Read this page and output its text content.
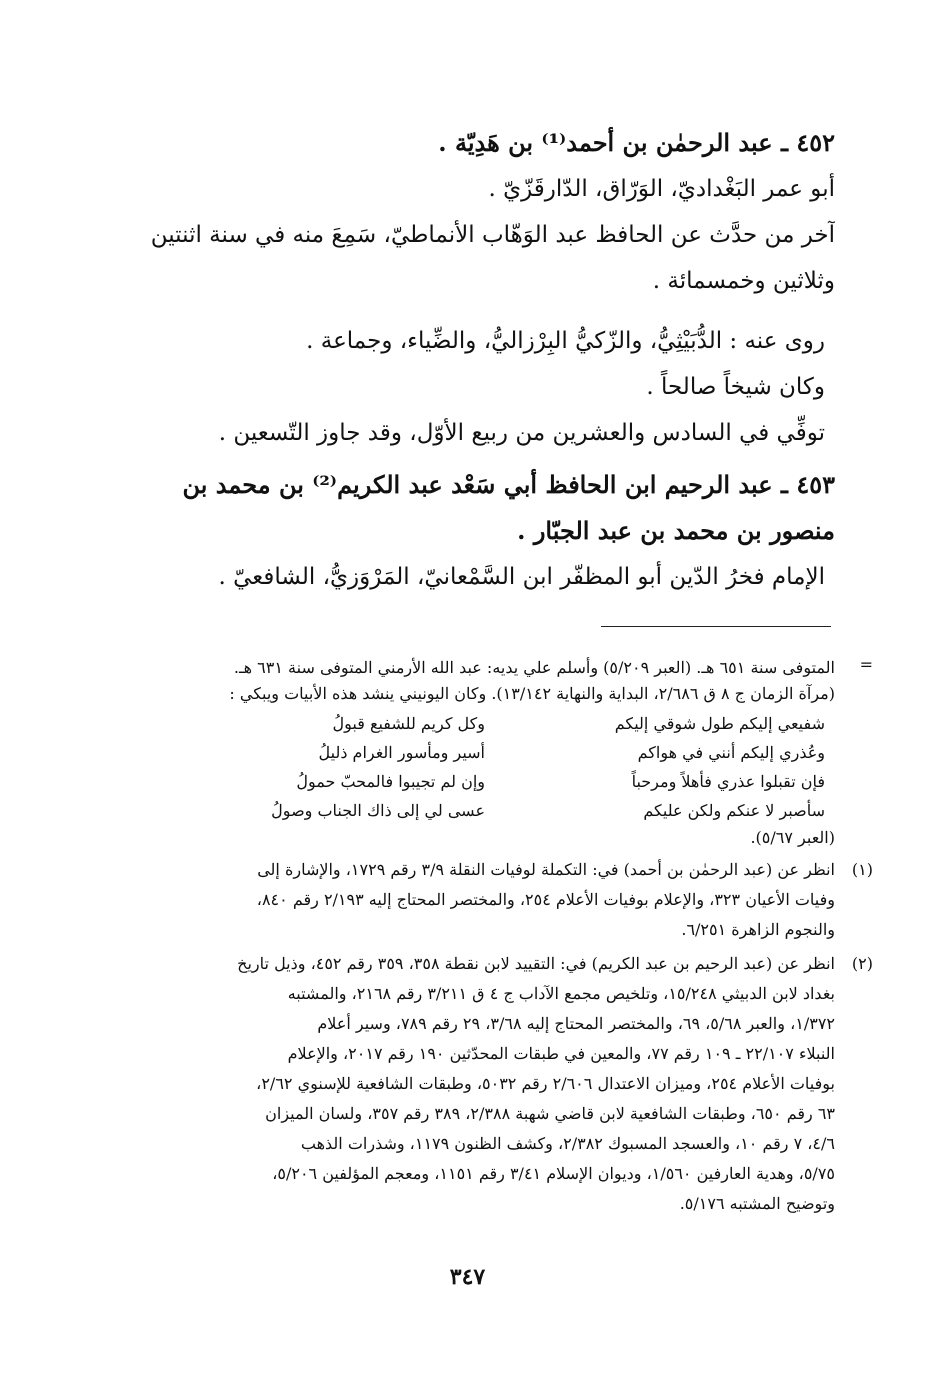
٤٥٢ ـ عبد الرحمٰن بن أحمد⁽¹⁾ بن هَدِيّة .
أبو عمر البَغْداديّ، الوَرّاق، الدّارقَزّيّ .
آخر من حدَّث عن الحافظ عبد الوَهّاب الأنماطيّ، سَمِعَ منه في سنة اثنتين
وثلاثين وخمسمائة .
روى عنه : الدُّبَيْثِيُّ، والزّكيُّ البِرْزاليُّ، والضِّياء، وجماعة .
وكان شيخاً صالحاً .
توفِّي في السادس والعشرين من ربيع الأوّل، وقد جاوز التّسعين .
٤٥٣ ـ عبد الرحيم ابن الحافظ أبي سَعْد عبد الكريم⁽²⁾ بن محمد بن
منصور بن محمد بن عبد الجبّار .
الإمام فخرُ الدّين أبو المظفّر ابن السَّمْعانيّ، المَرْوَزيُّ، الشافعيّ .
=
المتوفى سنة ٦٥١ هـ. (العبر ٥/٢٠٩) وأسلم علي يديه: عبد الله الأرمني المتوفى سنة ٦٣١ هـ.
(مرآة الزمان ج ٨ ق ٢/٦٨٦، البداية والنهاية ١٣/١٤٢). وكان اليونيني ينشد هذه الأبيات ويبكي :
شفيعي إليكم طول شوقي إليكم
وكل كريم للشفيع قبولُ
وعُذري إليكم أنني في هواكم
أسير ومأسور الغرام ذليلُ
فإن تقبلوا عذري فأهلاً ومرحباً
وإن لم تجيبوا فالمحبّ حمولُ
سأصبر لا عنكم ولكن عليكم
عسى لي إلى ذاك الجناب وصولُ
(العبر ٥/٦٧).
(١)
انظر عن (عبد الرحمٰن بن أحمد) في: التكملة لوفيات النقلة ٣/٩ رقم ١٧٢٩، والإشارة إلى
وفيات الأعيان ٣٢٣، والإعلام بوفيات الأعلام ٢٥٤، والمختصر المحتاج إليه ٢/١٩٣ رقم ٨٤٠،
والنجوم الزاهرة ٦/٢٥١.
(٢)
انظر عن (عبد الرحيم بن عبد الكريم) في: التقييد لابن نقطة ٣٥٨، ٣٥٩ رقم ٤٥٢، وذيل تاريخ
بغداد لابن الدبيثي ١٥/٢٤٨، وتلخيص مجمع الآداب ج ٤ ق ٣/٢١١ رقم ٢١٦٨، والمشتبه
١/٣٧٢، والعبر ٥/٦٨، ٦٩، والمختصر المحتاج إليه ٣/٦٨، ٢٩ رقم ٧٨٩، وسير أعلام
النبلاء ٢٢/١٠٧ ـ ١٠٩ رقم ٧٧، والمعين في طبقات المحدّثين ١٩٠ رقم ٢٠١٧، والإعلام
بوفيات الأعلام ٢٥٤، وميزان الاعتدال ٢/٦٠٦ رقم ٥٠٣٢، وطبقات الشافعية للإسنوي ٢/٦٢،
٦٣ رقم ٦٥٠، وطبقات الشافعية لابن قاضي شهبة ٢/٣٨٨، ٣٨٩ رقم ٣٥٧، ولسان الميزان
٤/٦، ٧ رقم ١٠، والعسجد المسبوك ٢/٣٨٢، وكشف الظنون ١١٧٩، وشذرات الذهب
٥/٧٥، وهدية العارفين ١/٥٦٠، وديوان الإسلام ٣/٤١ رقم ١١٥١، ومعجم المؤلفين ٥/٢٠٦،
وتوضيح المشتبه ٥/١٧٦.
٣٤٧
